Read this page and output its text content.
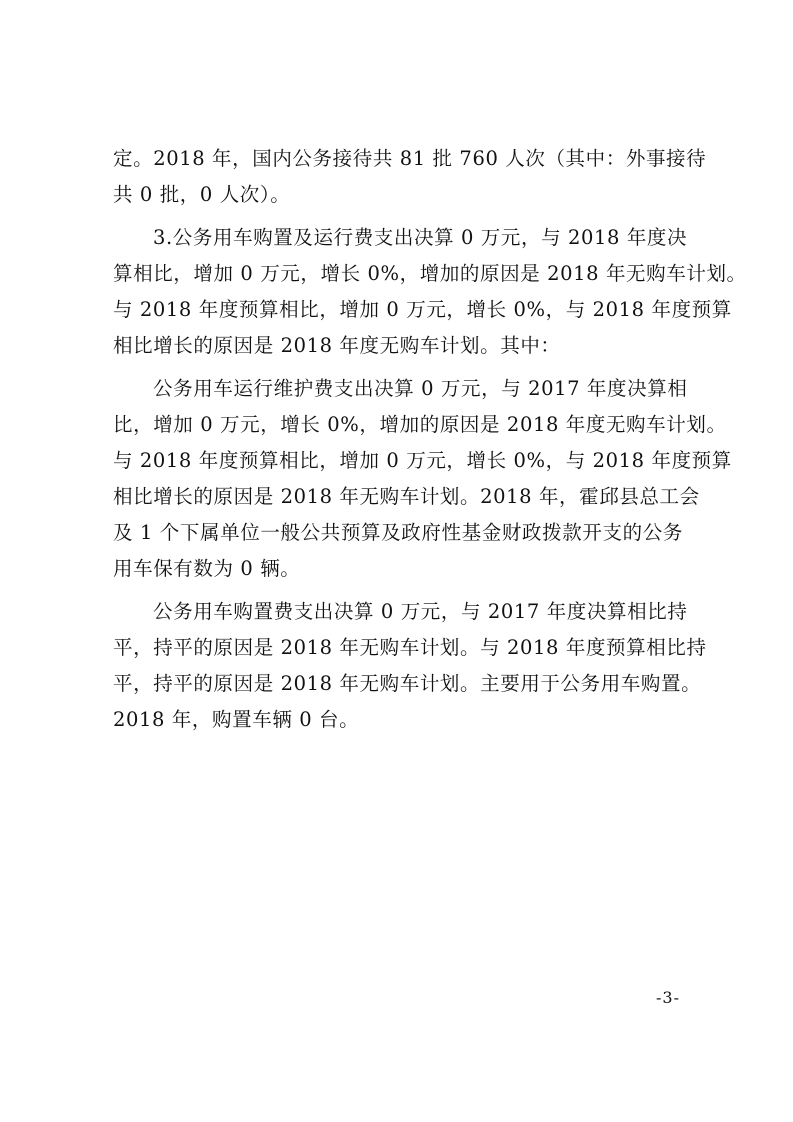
定。2018 年，国内公务接待共 81 批 760 人次（其中：外事接待
共 0 批，0 人次）。

3.公务用车购置及运行费支出决算 0 万元，与 2018 年度决
算相比，增加 0 万元，增长 0%，增加的原因是 2018 年无购车计划。
与 2018 年度预算相比，增加 0 万元，增长 0%，与 2018 年度预算
相比增长的原因是 2018 年度无购车计划。其中：

公务用车运行维护费支出决算 0 万元，与 2017 年度决算相
比，增加 0 万元，增长 0%，增加的原因是 2018 年度无购车计划。
与 2018 年度预算相比，增加 0 万元，增长 0%，与 2018 年度预算
相比增长的原因是 2018 年无购车计划。2018 年，霍邱县总工会
及 1 个下属单位一般公共预算及政府性基金财政拨款开支的公务
用车保有数为 0 辆。

公务用车购置费支出决算 0 万元，与 2017 年度决算相比持
平，持平的原因是 2018 年无购车计划。与 2018 年度预算相比持
平，持平的原因是 2018 年无购车计划。主要用于公务用车购置。
2018 年，购置车辆 0 台。

-3-
